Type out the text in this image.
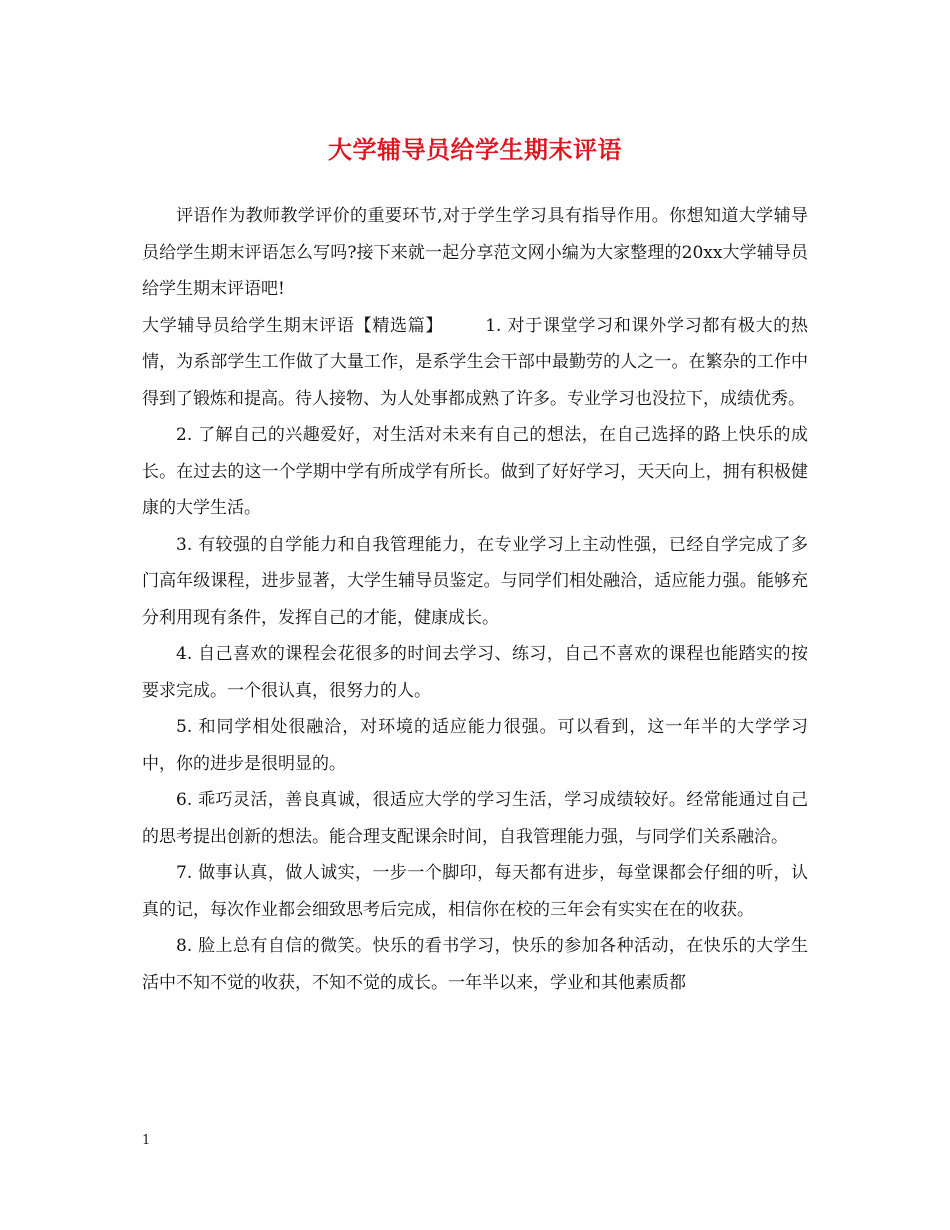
大学辅导员给学生期末评语

评语作为教师教学评价的重要环节,对于学生学习具有指导作用。你想知道大学辅导员给学生期末评语怎么写吗?接下来就一起分享范文网小编为大家整理的20xx大学辅导员给学生期末评语吧!

大学辅导员给学生期末评语【精选篇】 1. 对于课堂学习和课外学习都有极大的热情，为系部学生工作做了大量工作，是系学生会干部中最勤劳的人之一。在繁杂的工作中得到了锻炼和提高。待人接物、为人处事都成熟了许多。专业学习也没拉下，成绩优秀。

2. 了解自己的兴趣爱好，对生活对未来有自己的想法，在自己选择的路上快乐的成长。在过去的这一个学期中学有所成学有所长。做到了好好学习，天天向上，拥有积极健康的大学生活。

3. 有较强的自学能力和自我管理能力，在专业学习上主动性强，已经自学完成了多门高年级课程，进步显著，大学生辅导员鉴定。与同学们相处融洽，适应能力强。能够充分利用现有条件，发挥自己的才能，健康成长。

4. 自己喜欢的课程会花很多的时间去学习、练习，自己不喜欢的课程也能踏实的按要求完成。一个很认真，很努力的人。

5. 和同学相处很融洽，对环境的适应能力很强。可以看到，这一年半的大学学习中，你的进步是很明显的。

6. 乖巧灵活，善良真诚，很适应大学的学习生活，学习成绩较好。经常能通过自己的思考提出创新的想法。能合理支配课余时间，自我管理能力强，与同学们关系融洽。

7. 做事认真，做人诚实，一步一个脚印，每天都有进步，每堂课都会仔细的听，认真的记，每次作业都会细致思考后完成，相信你在校的三年会有实实在在的收获。

8. 脸上总有自信的微笑。快乐的看书学习，快乐的参加各种活动，在快乐的大学生活中不知不觉的收获，不知不觉的成长。一年半以来，学业和其他素质都

1
